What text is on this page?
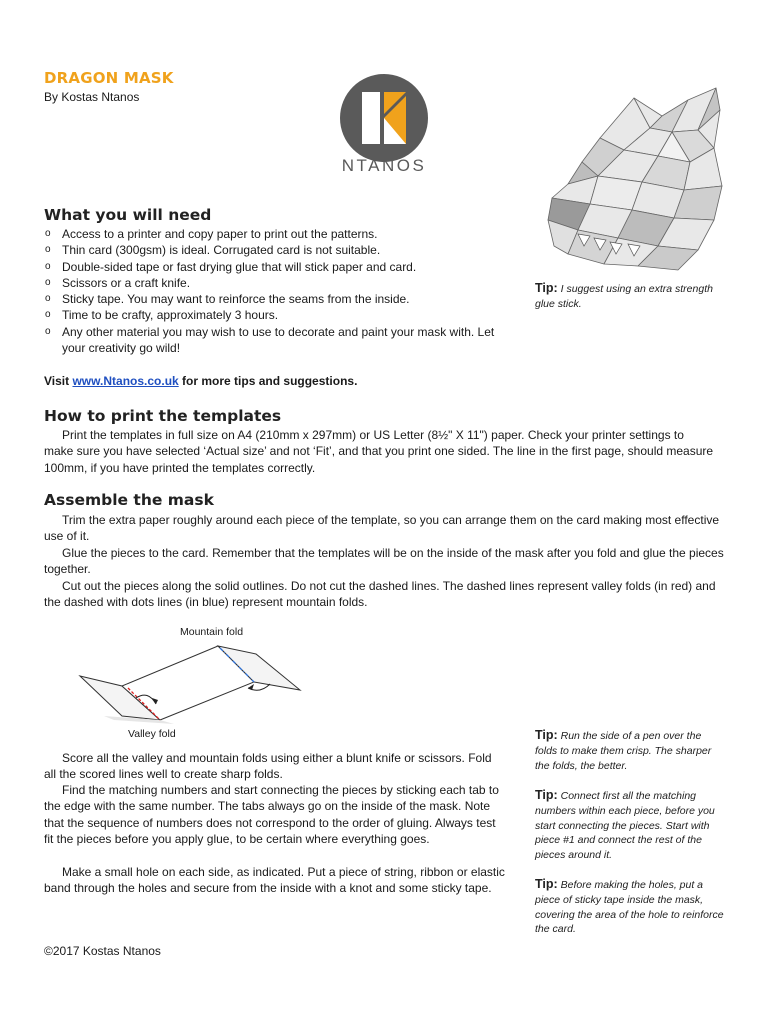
DRAGON MASK
By Kostas Ntanos
NTANOS
What you will need
o Access to a printer and copy paper to print out the patterns.
o Thin card (300gsm) is ideal. Corrugated card is not suitable.
o Double-sided tape or fast drying glue that will stick paper and card.
o Scissors or a craft knife.
o Sticky tape. You may want to reinforce the seams from the inside.
o Time to be crafty, approximately 3 hours.
o Any other material you may wish to use to decorate and paint your mask with. Let your creativity go wild!
Visit www.Ntanos.co.uk for more tips and suggestions.
Tip: I suggest using an extra strength glue stick.
How to print the templates

Print the templates in full size on A4 (210mm x 297mm) or US Letter (8½" X 11") paper. Check your printer settings to make sure you have selected ‘Actual size’ and not ‘Fit’, and that you print one sided. The line in the first page, should measure 100mm, if you have printed the templates correctly.

Assemble the mask

Trim the extra paper roughly around each piece of the template, so you can arrange them on the card making most effective use of it.

Glue the pieces to the card. Remember that the templates will be on the inside of the mask after you fold and glue the pieces together.

Cut out the pieces along the solid outlines. Do not cut the dashed lines. The dashed lines represent valley folds (in red) and the dashed with dots lines (in blue) represent mountain folds.

Mountain fold
Valley fold

Score all the valley and mountain folds using either a blunt knife or scissors. Fold all the scored lines well to create sharp folds.

Find the matching numbers and start connecting the pieces by sticking each tab to the edge with the same number. The tabs always go on the inside of the mask. Note that the sequence of numbers does not correspond to the order of gluing. Always test fit the pieces before you apply glue, to be certain where everything goes.

Make a small hole on each side, as indicated. Put a piece of string, ribbon or elastic band through the holes and secure from the inside with a knot and some sticky tape.

Tip: Run the side of a pen over the folds to make them crisp. The sharper the folds, the better.
Tip: Connect first all the matching numbers within each piece, before you start connecting the pieces. Start with piece #1 and connect the rest of the pieces around it.
Tip: Before making the holes, put a piece of sticky tape inside the mask, covering the area of the hole to reinforce the card.
©2017 Kostas Ntanos
